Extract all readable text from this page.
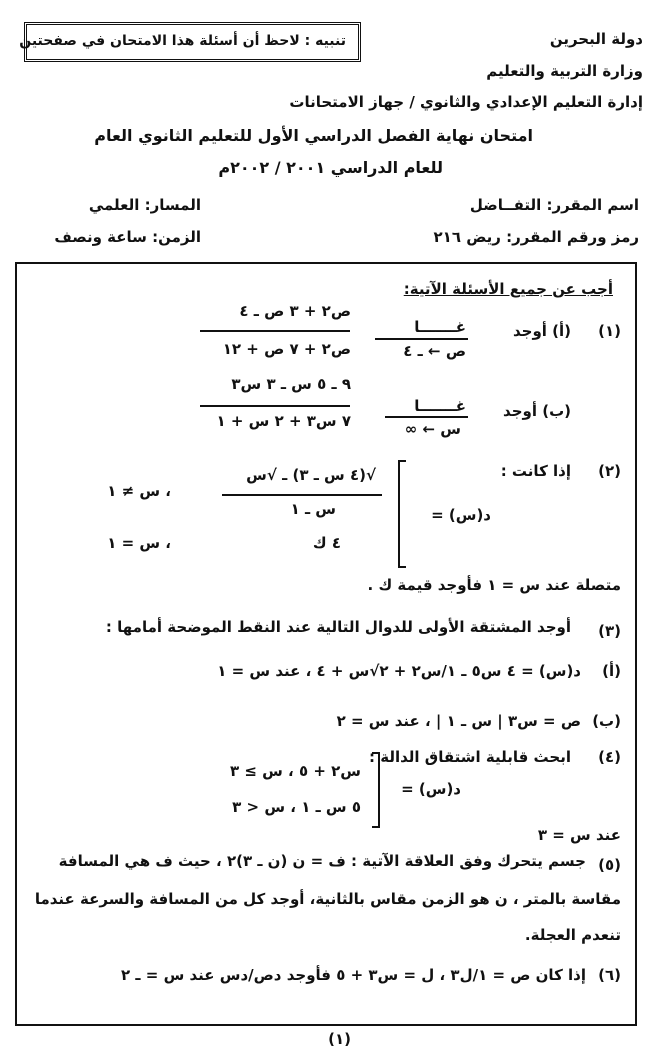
دولة البحرين
وزارة التربية والتعليم
إدارة التعليم الإعدادي والثانوي / جهاز الامتحانات
تنبيه : لاحظ أن أسئلة هذا الامتحان في صفحتين
امتحان نهاية الفصل الدراسي الأول للتعليم الثانوي العام
للعام الدراسي ٢٠٠١ / ٢٠٠٢م
اسم المقرر: التفــاضل
المسار: العلمي
رمز ورقم المقرر: ريض ٢١٦
الزمن: ساعة ونصف
أجب عن جميع الأسئلة الآتية:
(١)
(أ) أوجد
غـــــــا
ص ← ـ ٤
ص٢ + ٣ ص ـ ٤
ص٢ + ٧ ص + ١٢
(ب) أوجد
غـــــــا
س ← ∞
٩ ـ ٥ س ـ ٣ س٣
٧ س٣ + ٢ س + ١
(٢)
إذا كانت :
د(س) =
√(٤ س ـ ٣) ـ √س
س ـ ١
، س ≠ ١
٤ ك
، س = ١
متصلة عند س = ١ فأوجد قيمة ك .
(٣)
أوجد المشتقة الأولى للدوال التالية عند النقط الموضحة أمامها :
(أ)
د(س) = ٤ س٥ ـ ١/س٢ + ٢√س + ٤ ، عند س = ١
(ب)
ص = س٣ | س ـ ١ | ، عند س = ٢
(٤)
ابحث قابلية اشتقاق الدالة :
د(س) =
س٢ + ٥ ، س ≥ ٣
٥ س ـ ١ ، س < ٣
عند س = ٣
(٥)
جسم يتحرك وفق العلاقة الآتية : ف = ن (ن ـ ٣)٢ ، حيث ف هي المسافة
مقاسة بالمتر ، ن هو الزمن مقاس بالثانية، أوجد كل من المسافة والسرعة عندما
تنعدم العجلة.
(٦)
إذا كان ص = ١/ل٣ ، ل = س٣ + ٥ فأوجد دص/دس عند س = ـ ٢
(١)
